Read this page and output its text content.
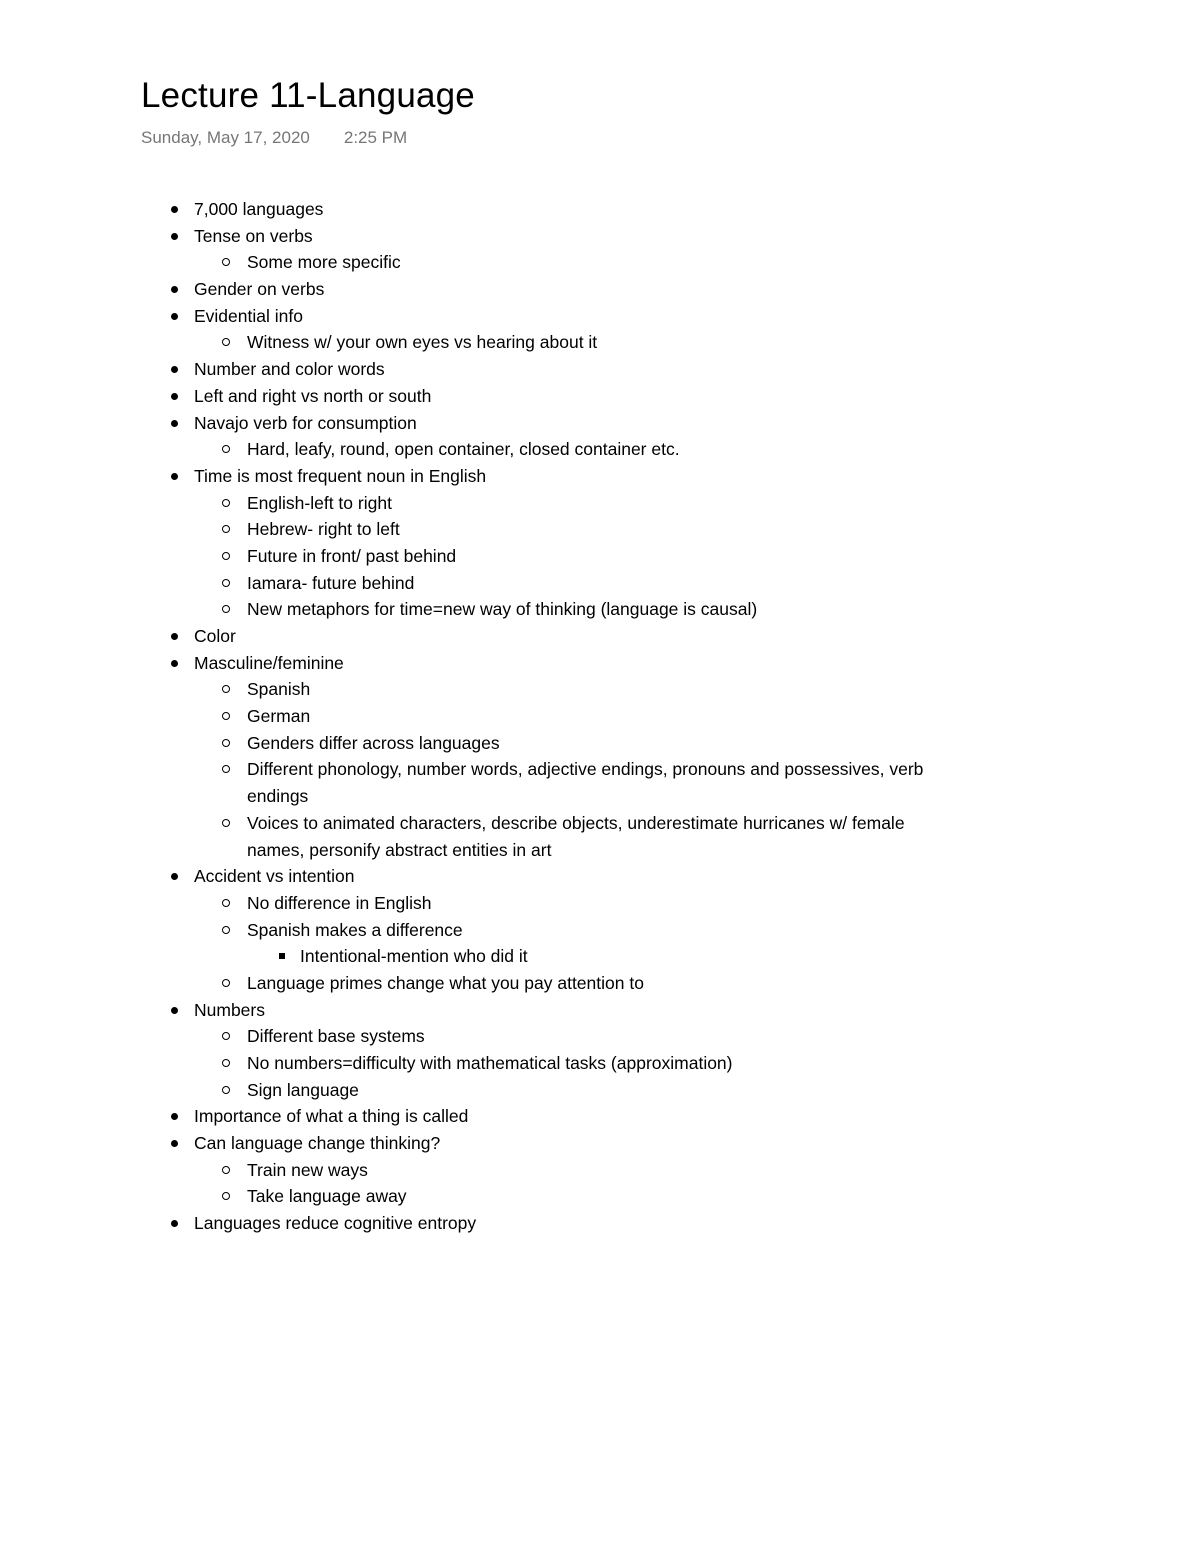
Lecture 11-Language
Sunday, May 17, 2020 2:25 PM
7,000 languages
Tense on verbs
Some more specific
Gender on verbs
Evidential info
Witness w/ your own eyes vs hearing about it
Number and color words
Left and right vs north or south
Navajo verb for consumption
Hard, leafy, round, open container, closed container etc.
Time is most frequent noun in English
English-left to right
Hebrew- right to left
Future in front/ past behind
Iamara- future behind
New metaphors for time=new way of thinking (language is causal)
Color
Masculine/feminine
Spanish
German
Genders differ across languages
Different phonology, number words, adjective endings, pronouns and possessives, verb
endings
Voices to animated characters, describe objects, underestimate hurricanes w/ female
names, personify abstract entities in art
Accident vs intention
No difference in English
Spanish makes a difference
Intentional-mention who did it
Language primes change what you pay attention to
Numbers
Different base systems
No numbers=difficulty with mathematical tasks (approximation)
Sign language
Importance of what a thing is called
Can language change thinking?
Train new ways
Take language away
Languages reduce cognitive entropy
